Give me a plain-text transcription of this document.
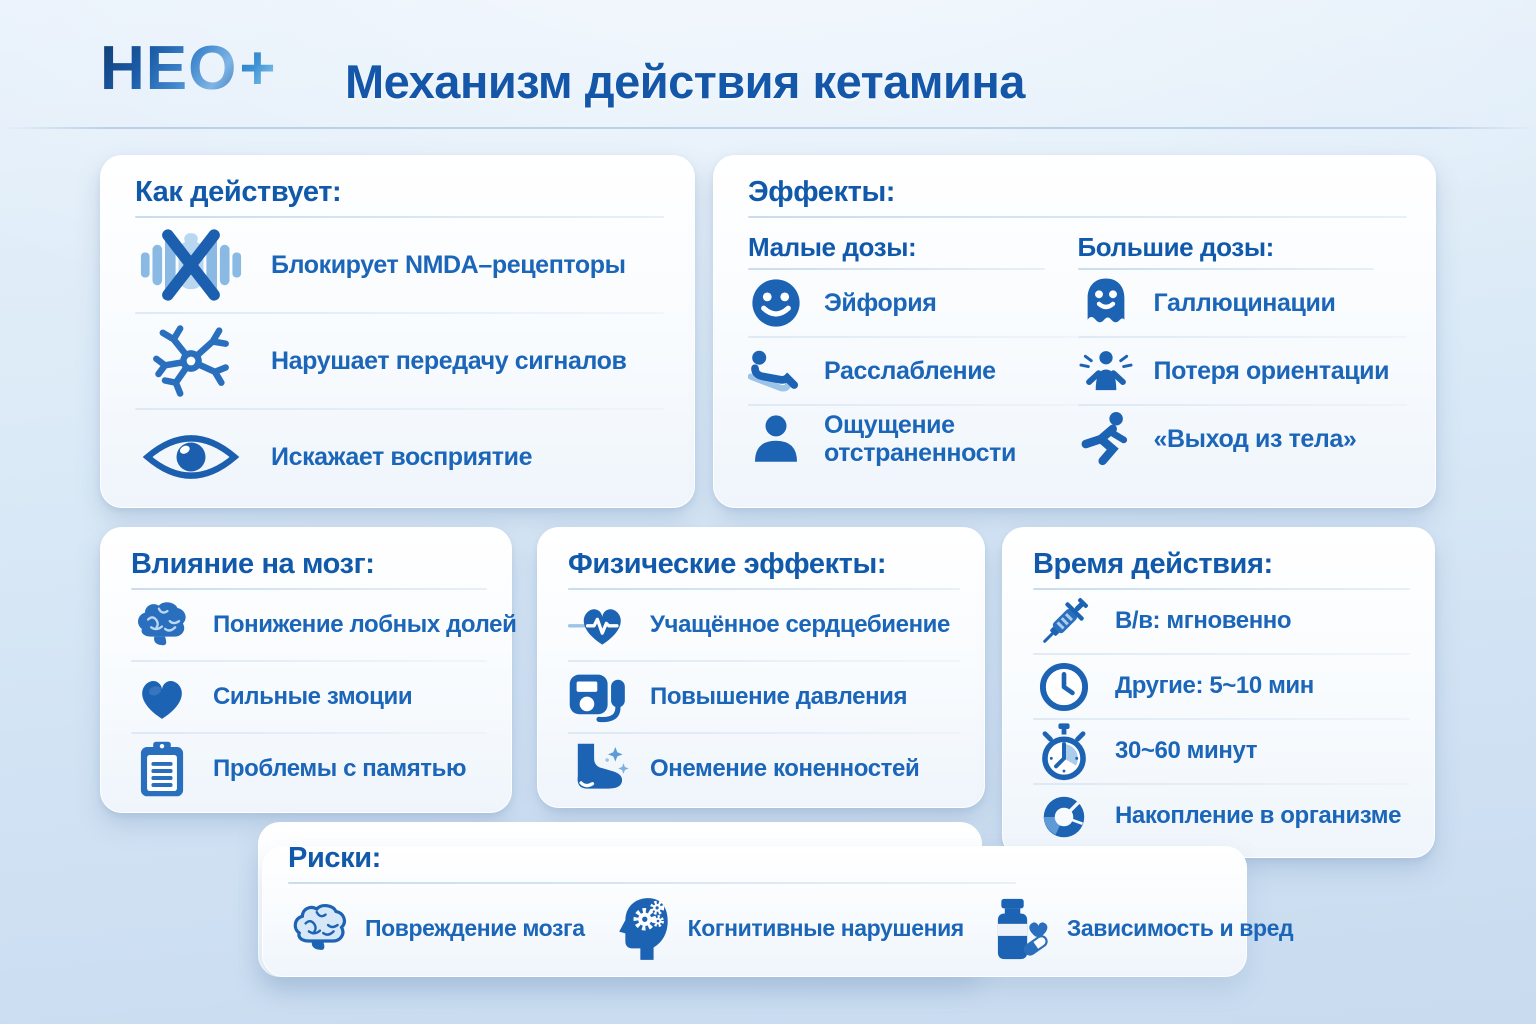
НЕО+ Механизм действия кетамина
Как действует:
Блокирует NMDA–рецепторы
Нарушает передачу сигналов
Искажает восприятие
Эффекты:
Малые дозы:
Эйфория
Расслабление
Ощущение отстраненности
Большие дозы:
Галлюцинации
Потеря ориентации
«Выход из тела»
Влияние на мозг:
Понижение лобных долей
Сильные змоции
Проблемы с памятью
Физические эффекты:
Учащённое сердцебиение
Повышение давления
Онемение коненностей
Время действия:
В/в: мгновенно
Другие: 5~10 мин
30~60 минут
Накопление в организме
Риски:
Повреждение мозга	Когнитивные нарушения	Зависимость и вред
